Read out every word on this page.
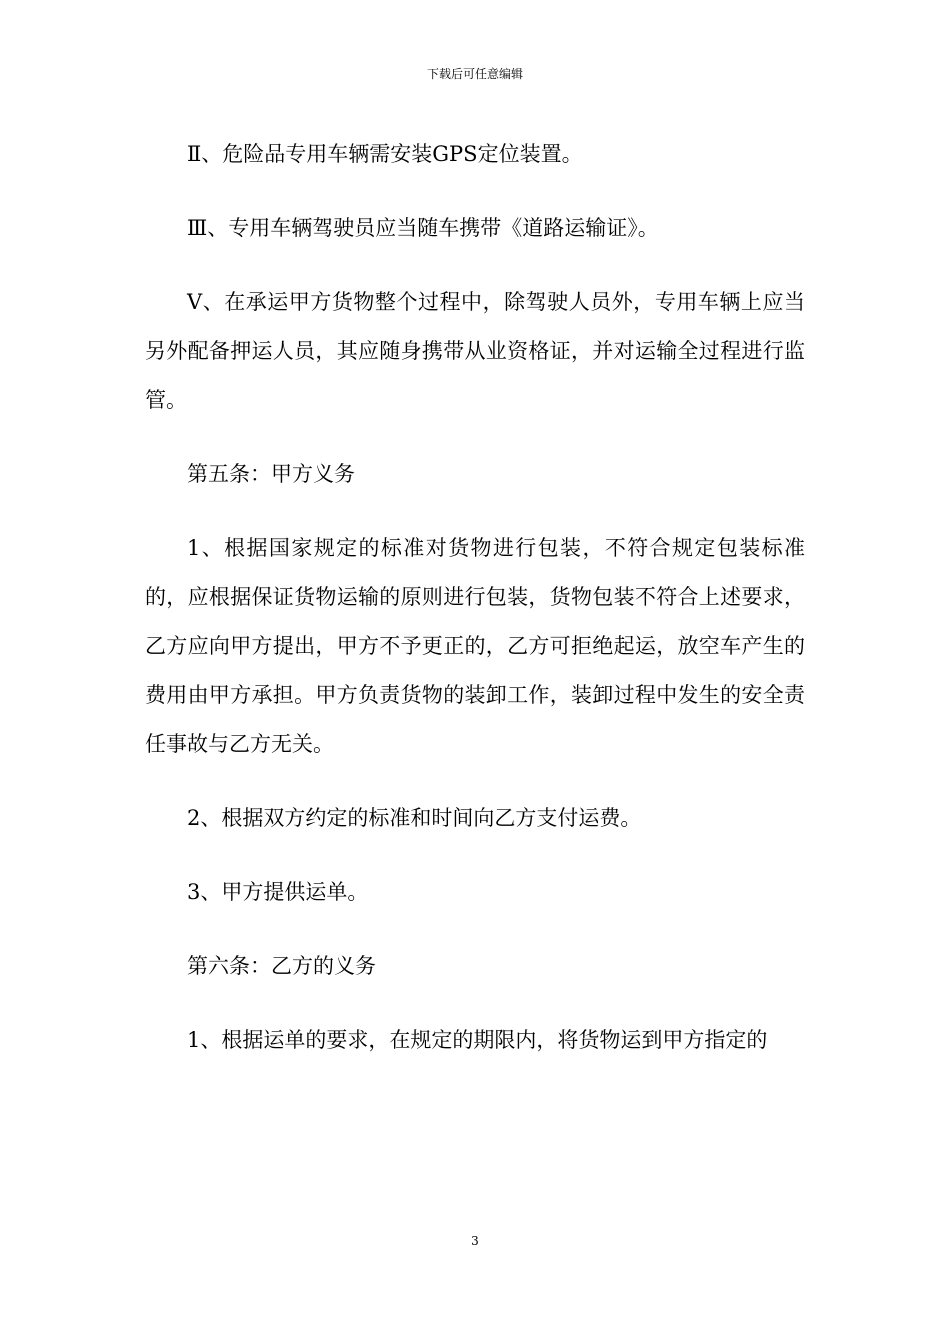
下载后可任意编辑

Ⅱ、危险品专用车辆需安装GPS定位装置。

Ⅲ、专用车辆驾驶员应当随车携带《道路运输证》。

Ⅴ、在承运甲方货物整个过程中，除驾驶人员外，专用车辆上应当另外配备押运人员，其应随身携带从业资格证，并对运输全过程进行监管。

第五条：甲方义务

1、根据国家规定的标准对货物进行包装，不符合规定包装标准的，应根据保证货物运输的原则进行包装，货物包装不符合上述要求，乙方应向甲方提出，甲方不予更正的，乙方可拒绝起运，放空车产生的费用由甲方承担。甲方负责货物的装卸工作，装卸过程中发生的安全责任事故与乙方无关。

2、根据双方约定的标准和时间向乙方支付运费。

3、甲方提供运单。

第六条：乙方的义务

1、根据运单的要求，在规定的期限内，将货物运到甲方指定的

3
